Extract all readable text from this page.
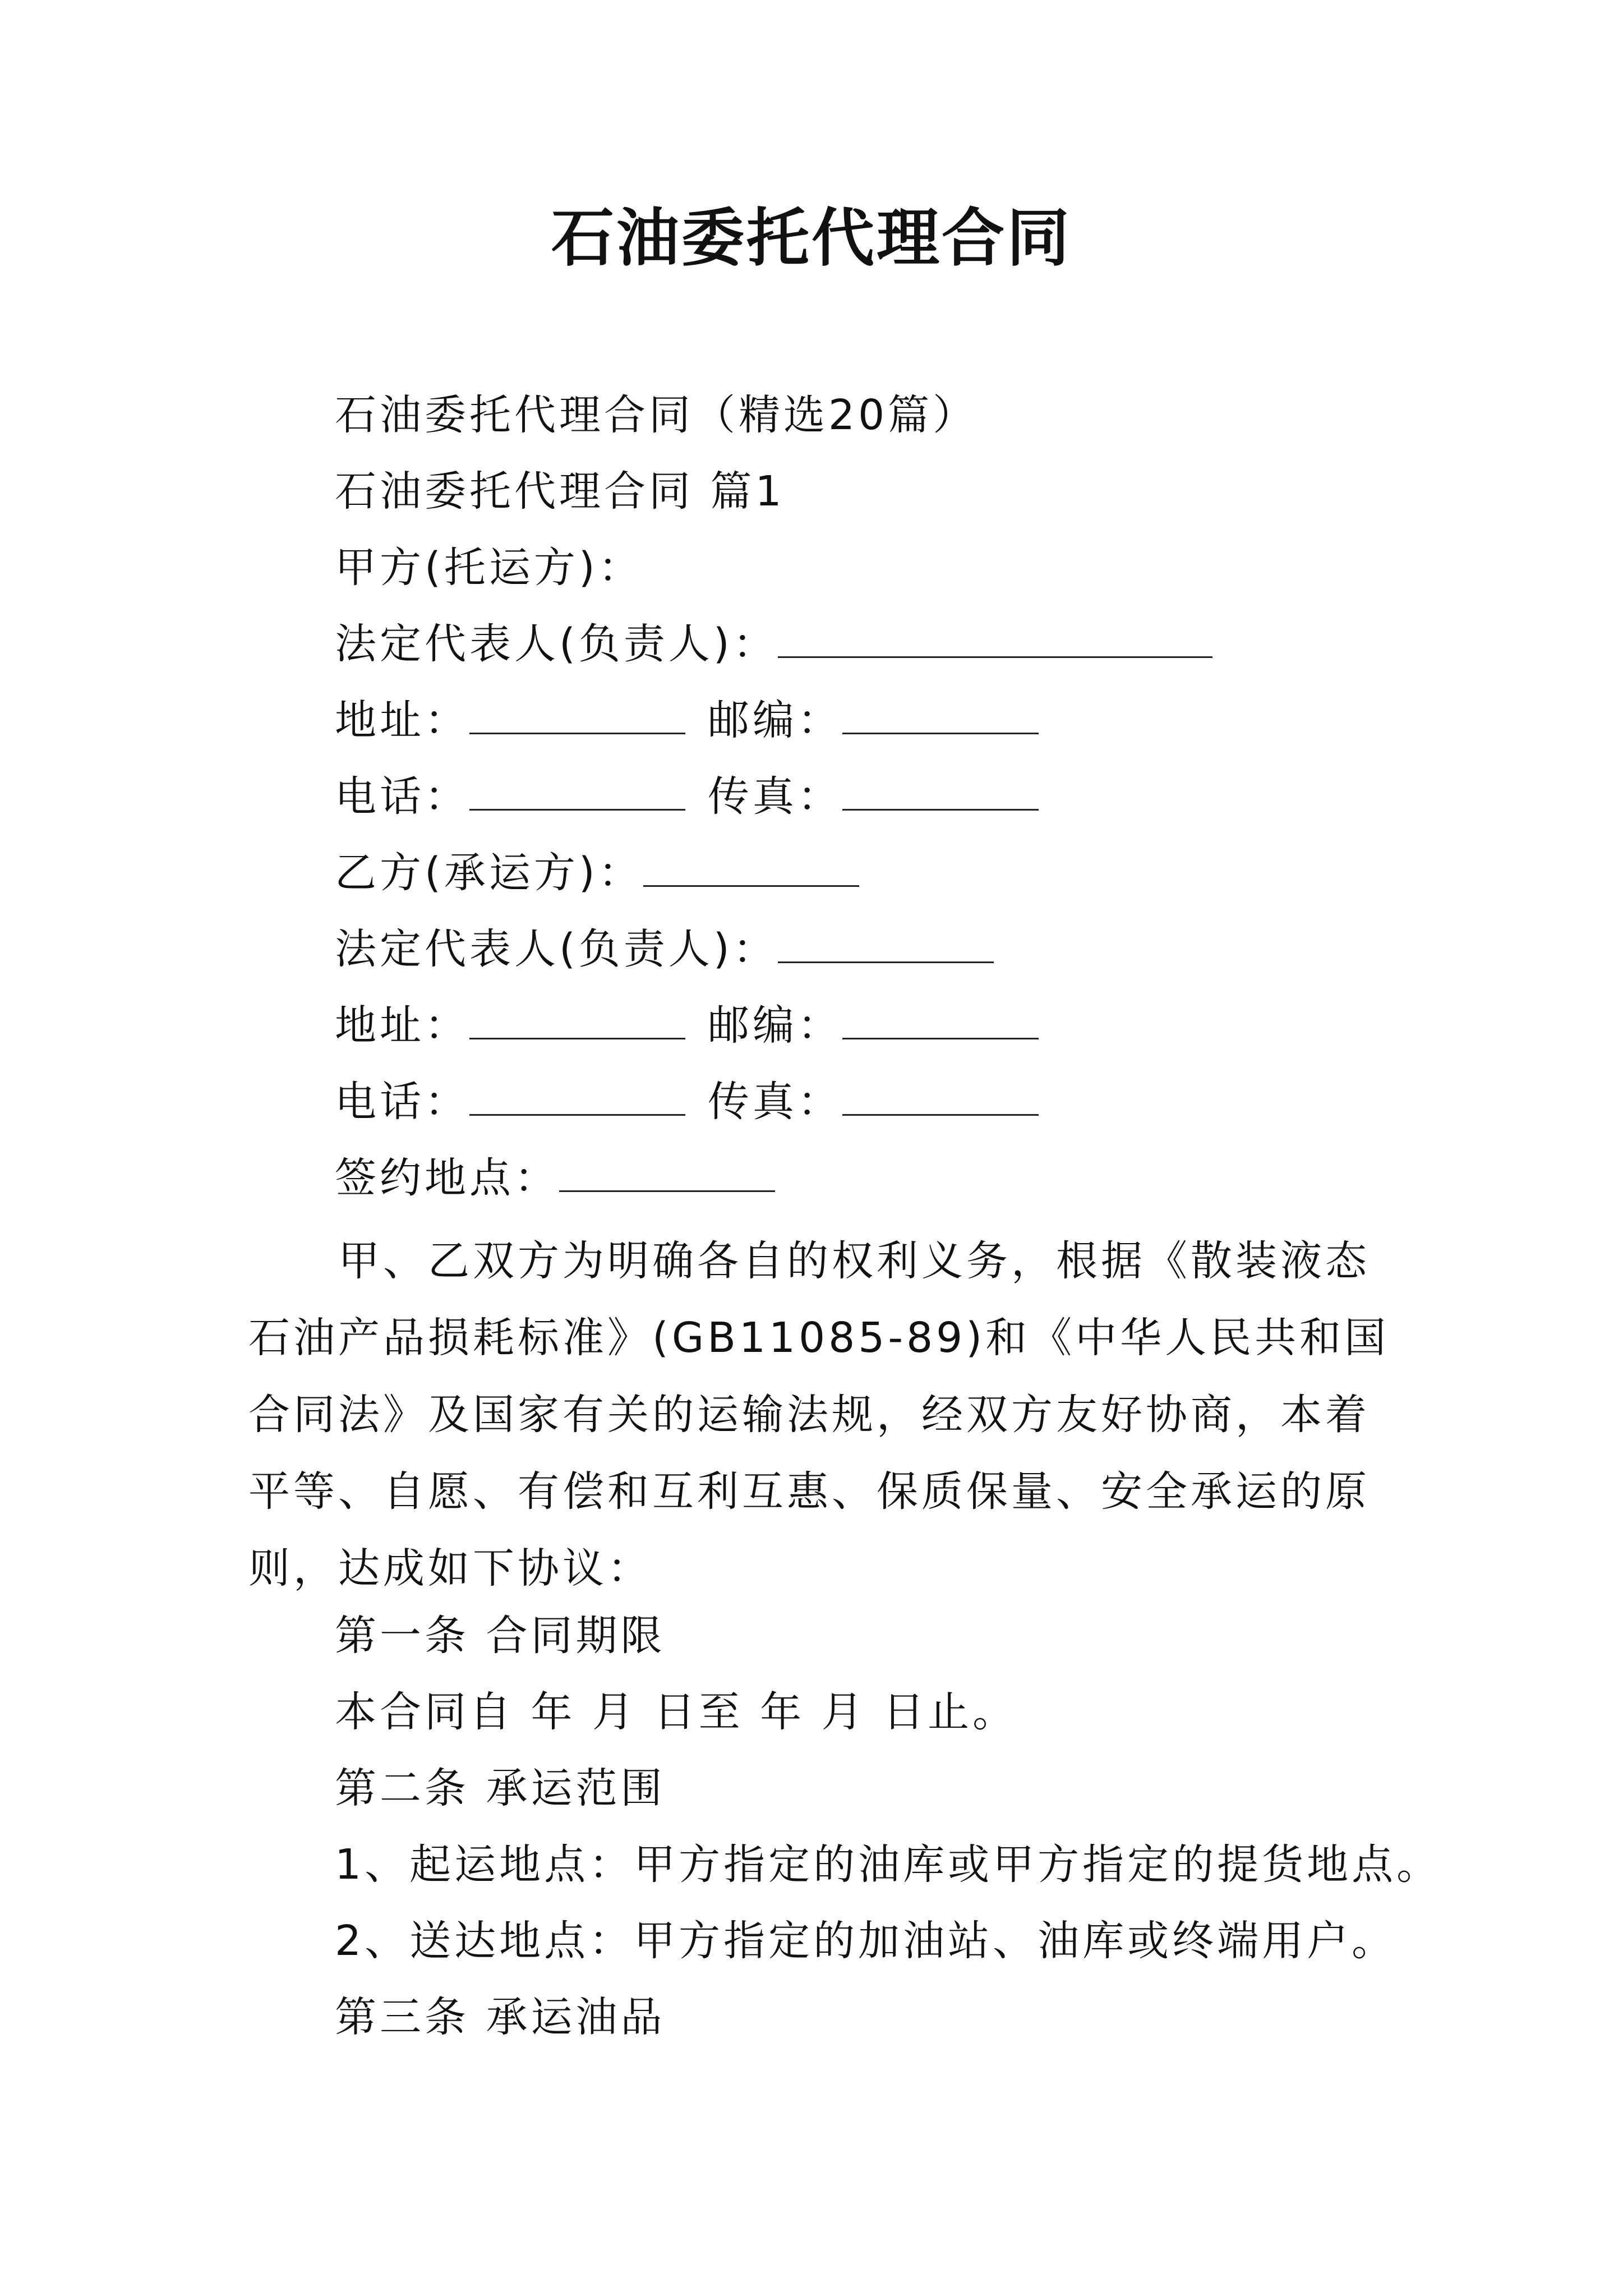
石油委托代理合同
石油委托代理合同（精选20篇）
石油委托代理合同 篇1
甲方(托运方)：
法定代表人(负责人)：
地址：	邮编：
电话：	传真：
乙方(承运方)：
法定代表人(负责人)：
地址：	邮编：
电话：	传真：
签约地点：
甲、乙双方为明确各自的权利义务，根据《散装液态石油产品损耗标准》(GB11085-89)和《中华人民共和国合同法》及国家有关的运输法规，经双方友好协商，本着平等、自愿、有偿和互利互惠、保质保量、安全承运的原则，达成如下协议：
第一条 合同期限
本合同自 年 月 日至 年 月 日止。
第二条 承运范围
1、起运地点：甲方指定的油库或甲方指定的提货地点。
2、送达地点：甲方指定的加油站、油库或终端用户。
第三条 承运油品
